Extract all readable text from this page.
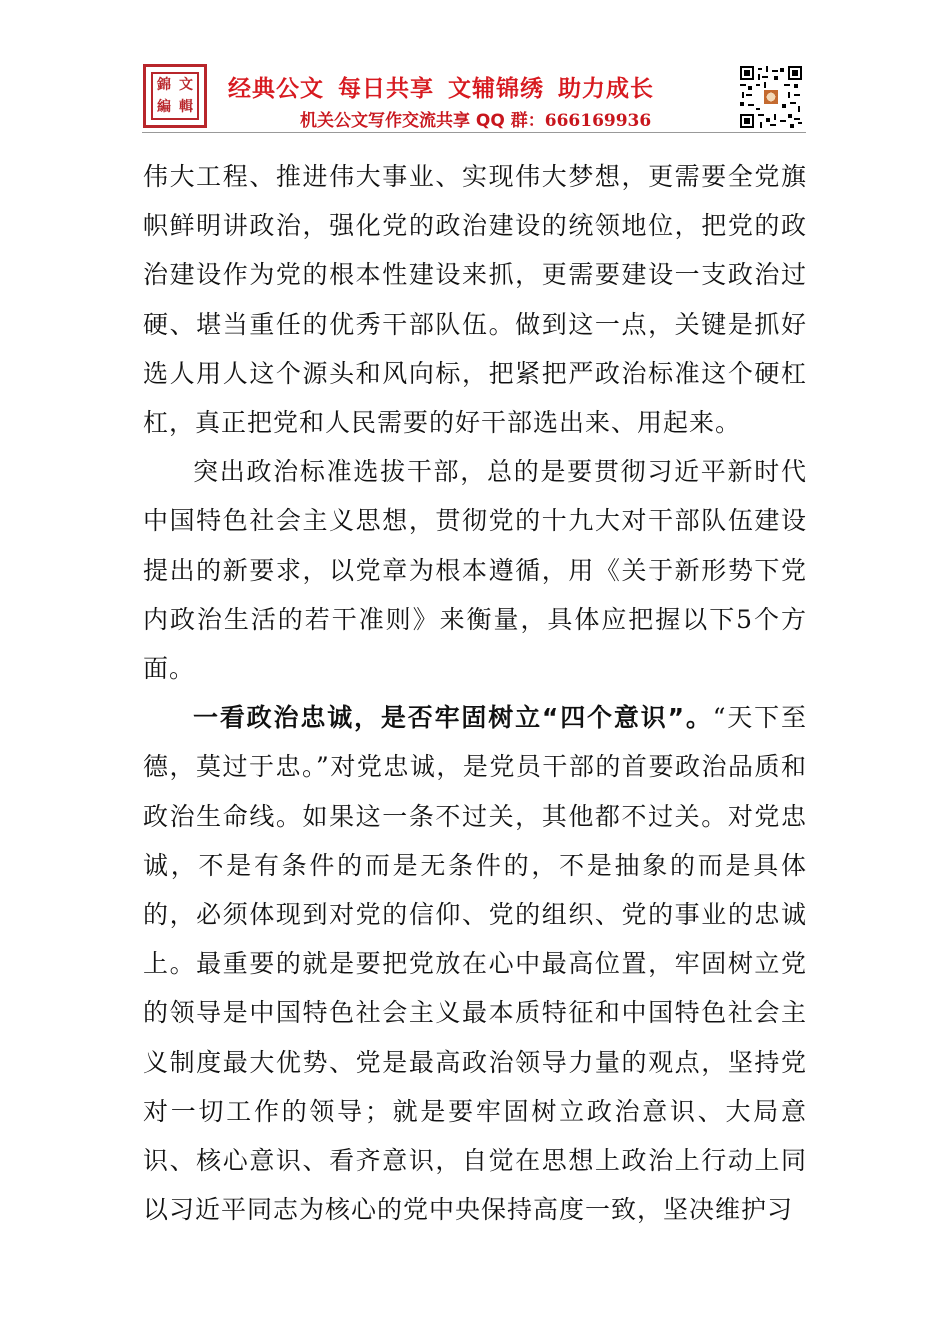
錦 文
編 輯
经典公文 每日共享 文辅锦绣 助力成长
机关公文写作交流共享 QQ 群：666169936

伟大工程、推进伟大事业、实现伟大梦想，更需要全党旗帜鲜明讲政治，强化党的政治建设的统领地位，把党的政治建设作为党的根本性建设来抓，更需要建设一支政治过硬、堪当重任的优秀干部队伍。做到这一点，关键是抓好选人用人这个源头和风向标，把紧把严政治标准这个硬杠杠，真正把党和人民需要的好干部选出来、用起来。

突出政治标准选拔干部，总的是要贯彻习近平新时代中国特色社会主义思想，贯彻党的十九大对干部队伍建设提出的新要求，以党章为根本遵循，用《关于新形势下党内政治生活的若干准则》来衡量，具体应把握以下5个方面。

一看政治忠诚，是否牢固树立“四个意识”。“天下至德，莫过于忠。”对党忠诚，是党员干部的首要政治品质和政治生命线。如果这一条不过关，其他都不过关。对党忠诚，不是有条件的而是无条件的，不是抽象的而是具体的，必须体现到对党的信仰、党的组织、党的事业的忠诚上。最重要的就是要把党放在心中最高位置，牢固树立党的领导是中国特色社会主义最本质特征和中国特色社会主义制度最大优势、党是最高政治领导力量的观点，坚持党对一切工作的领导；就是要牢固树立政治意识、大局意识、核心意识、看齐意识，自觉在思想上政治上行动上同以习近平同志为核心的党中央保持高度一致，坚决维护习
